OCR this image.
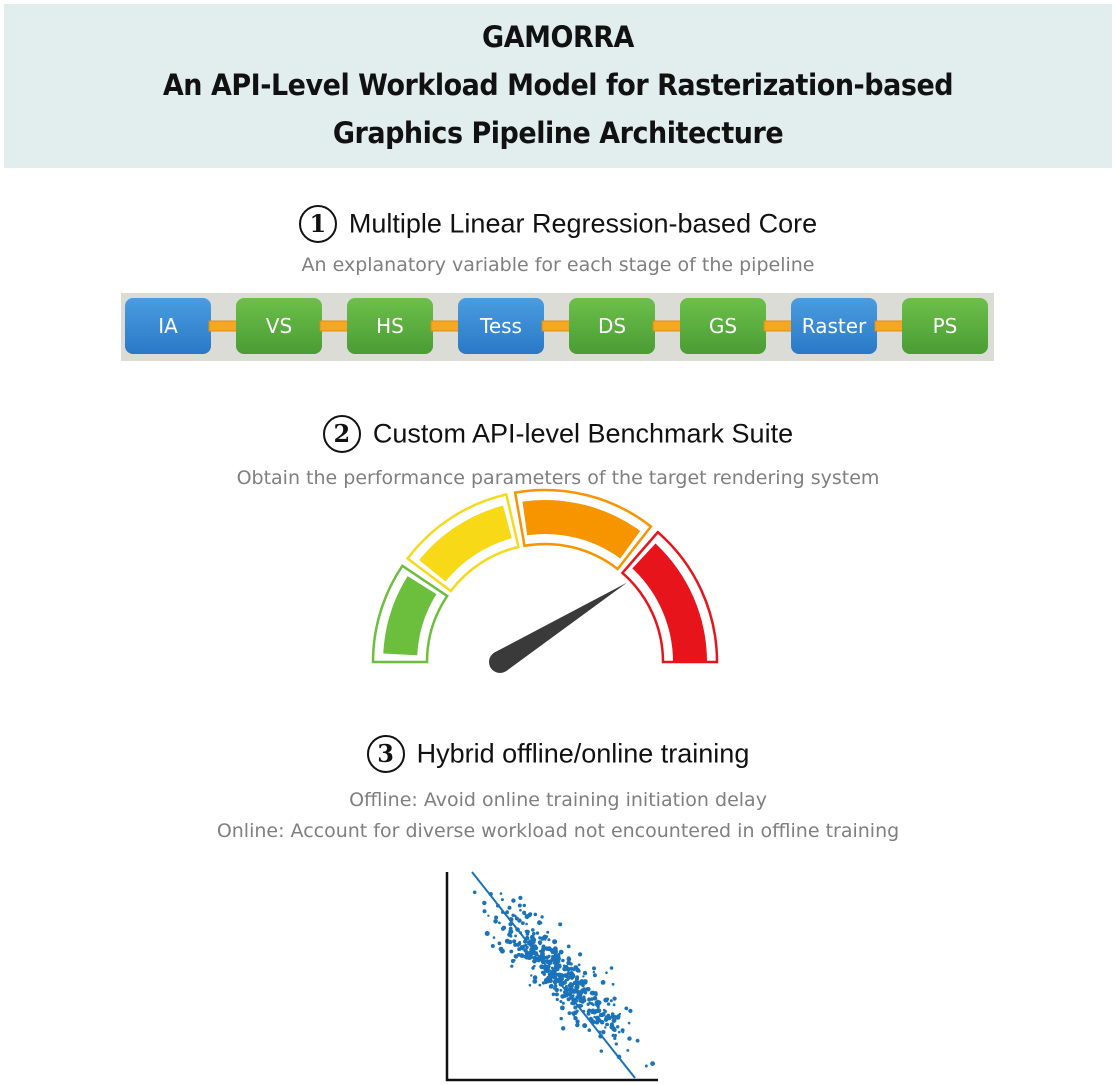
GAMORRA
An API-Level Workload Model for Rasterization-based
Graphics Pipeline Architecture
1 Multiple Linear Regression-based Core
An explanatory variable for each stage of the pipeline
IA	VS	HS	Tess	DS	GS	Raster	PS
2 Custom API-level Benchmark Suite
Obtain the performance parameters of the target rendering system
3 Hybrid offline/online training
Offline: Avoid online training initiation delay
Online: Account for diverse workload not encountered in offline training
